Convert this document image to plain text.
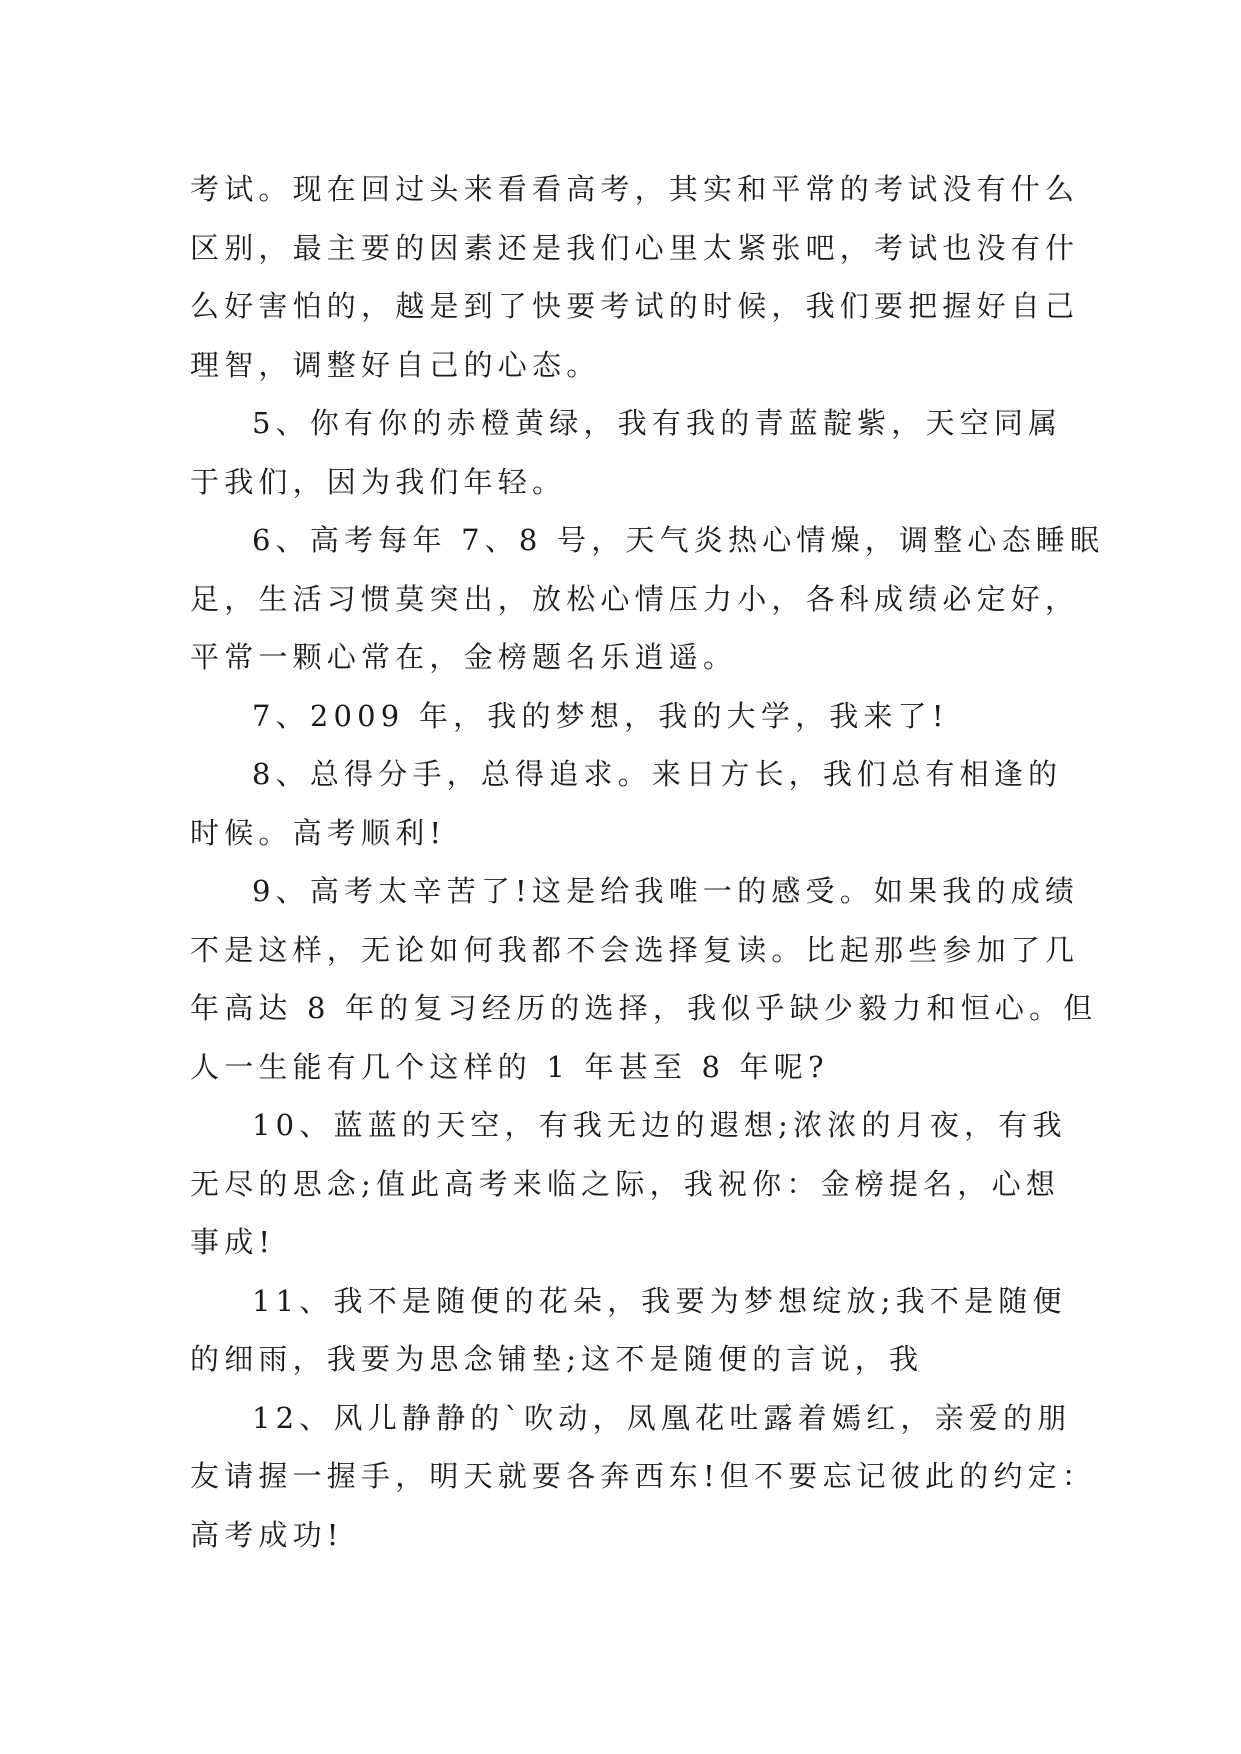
考试。现在回过头来看看高考，其实和平常的考试没有什么
区别，最主要的因素还是我们心里太紧张吧，考试也没有什
么好害怕的，越是到了快要考试的时候，我们要把握好自己
理智，调整好自己的心态。
5、你有你的赤橙黄绿，我有我的青蓝靛紫，天空同属
于我们，因为我们年轻。
6、高考每年 7、8 号，天气炎热心情燥，调整心态睡眠
足，生活习惯莫突出，放松心情压力小，各科成绩必定好，
平常一颗心常在，金榜题名乐逍遥。
7、2009 年，我的梦想，我的大学，我来了!
8、总得分手，总得追求。来日方长，我们总有相逢的
时候。高考顺利!
9、高考太辛苦了!这是给我唯一的感受。如果我的成绩
不是这样，无论如何我都不会选择复读。比起那些参加了几
年高达 8 年的复习经历的选择，我似乎缺少毅力和恒心。但
人一生能有几个这样的 1 年甚至 8 年呢?
10、蓝蓝的天空，有我无边的遐想;浓浓的月夜，有我
无尽的思念;值此高考来临之际，我祝你：金榜提名，心想
事成!
11、我不是随便的花朵，我要为梦想绽放;我不是随便
的细雨，我要为思念铺垫;这不是随便的言说，我
12、风儿静静的`吹动，凤凰花吐露着嫣红，亲爱的朋
友请握一握手，明天就要各奔西东!但不要忘记彼此的约定：
高考成功!
